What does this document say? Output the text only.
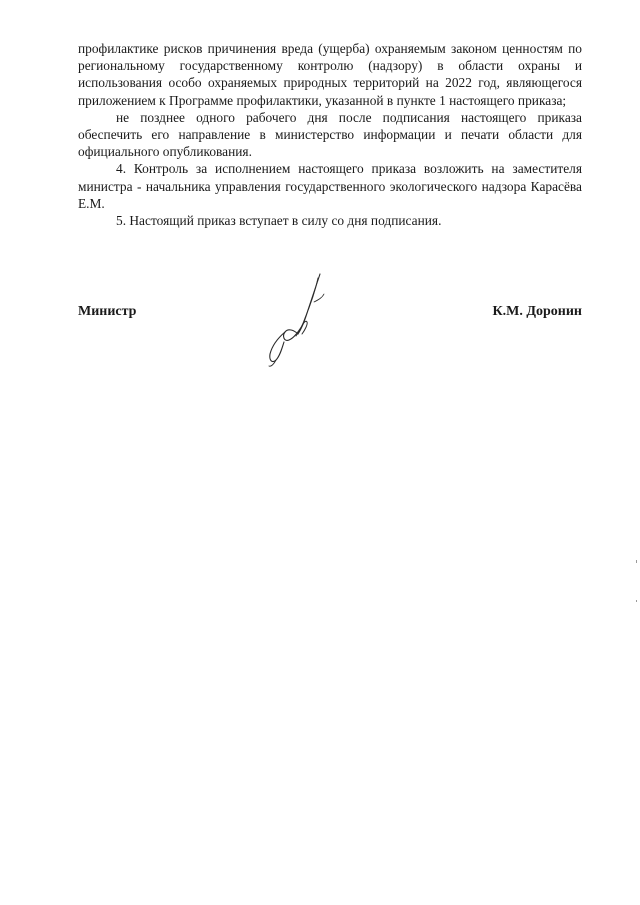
профилактике рисков причинения вреда (ущерба) охраняемым законом ценностям по региональному государственному контролю (надзору) в области охраны и использования особо охраняемых природных территорий на 2022 год, являющегося приложением к Программе профилактики, указанной в пункте 1 настоящего приказа;

не позднее одного рабочего дня после подписания настоящего приказа обеспечить его направление в министерство информации и печати области для официального опубликования.

4. Контроль за исполнением настоящего приказа возложить на заместителя министра - начальника управления государственного экологического надзора Карасёва Е.М.

5. Настоящий приказ вступает в силу со дня подписания.

Министр	К.М. Доронин
